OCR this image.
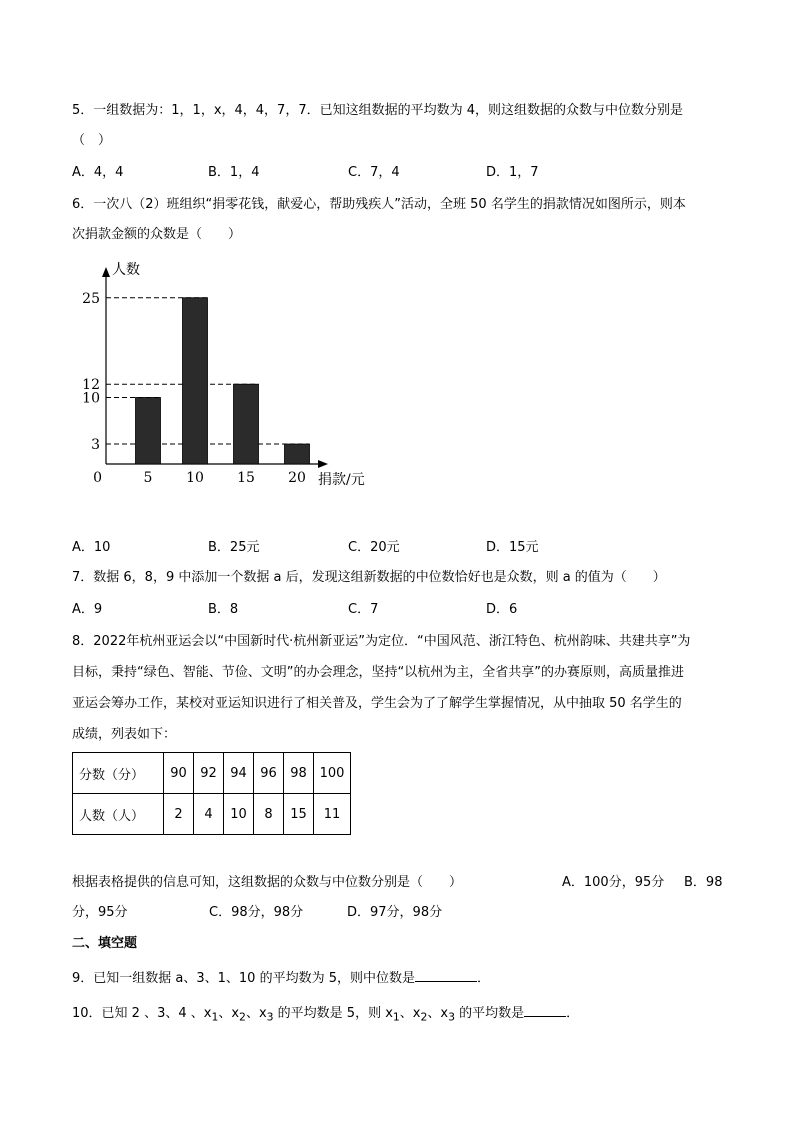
5．一组数据为：1，1，x，4，4，7，7．已知这组数据的平均数为 4，则这组数据的众数与中位数分别是
（　）
A．4，4	B．1，4	C．7，4	D．1，7
6．一次八（2）班组织“捐零花钱，献爱心，帮助残疾人”活动，全班 50 名学生的捐款情况如图所示，则本
次捐款金额的众数是（　　）
3
10
12
25
5 10 15 20
0
人数
捐款/元
A．10	B．25元	C．20元	D．15元
7．数据 6，8，9 中添加一个数据 a 后，发现这组新数据的中位数恰好也是众数，则 a 的值为（　　）
A．9	B．8	C．7	D．6
8．2022年杭州亚运会以“中国新时代·杭州新亚运”为定位．“中国风范、浙江特色、杭州韵味、共建共享”为
目标，秉持“绿色、智能、节俭、文明”的办会理念，坚持“以杭州为主，全省共享”的办赛原则，高质量推进
亚运会筹办工作，某校对亚运知识进行了相关普及，学生会为了了解学生掌握情况，从中抽取 50 名学生的
成绩，列表如下：
分数（分）	90	92	94	96	98	100
人数（人）	2	4	10	8	15	11
根据表格提供的信息可知，这组数据的众数与中位数分别是（　　）	A．100分，95分 B．98
分，95分	C．98分，98分	D．97分，98分
二、填空题
9．已知一组数据 a、3、1、10 的平均数为 5，则中位数是	．
10．已知 2 、3、4 、$x_1$、$x_2$、$x_3$ 的平均数是 5，则 $x_1$、$x_2$、$x_3$ 的平均数是	．
